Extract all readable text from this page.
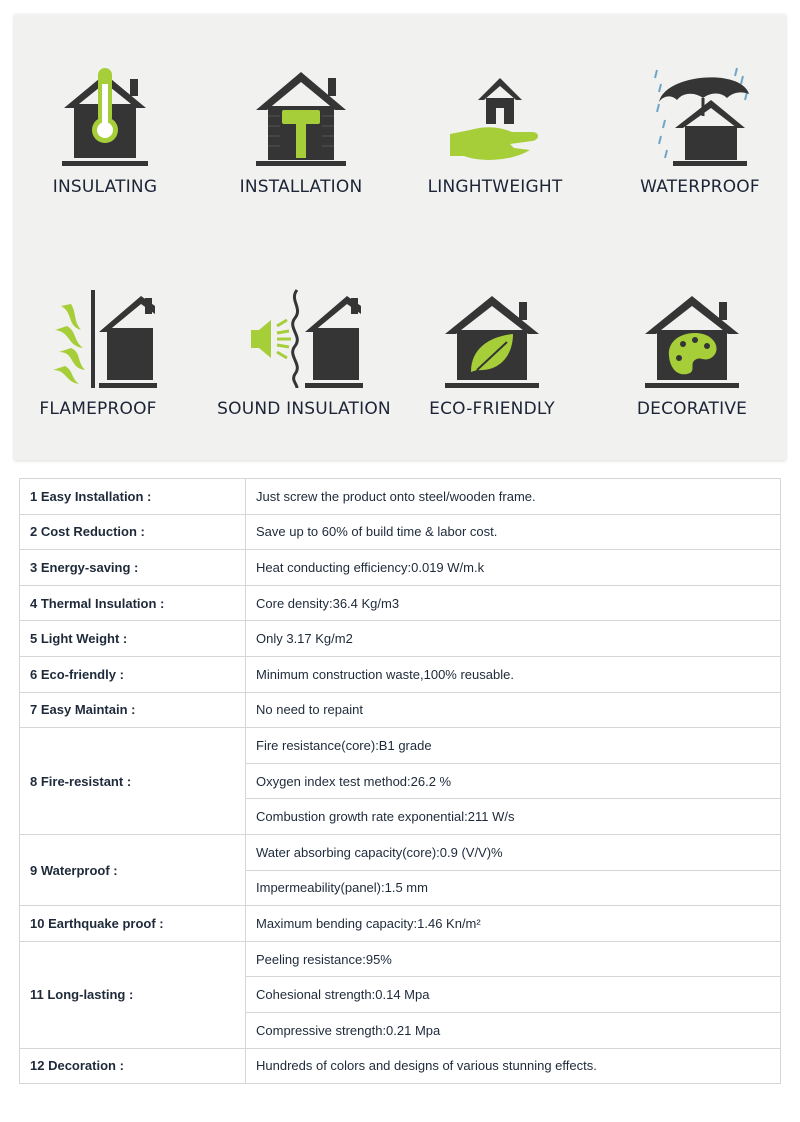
INSULATING	INSTALLATION	LINGHTWEIGHT	WATERPROOF
FLAMEPROOF	SOUND INSULATION	ECO-FRIENDLY	DECORATIVE
1 Easy Installation :	Just screw the product onto steel/wooden frame.
2 Cost Reduction :	Save up to 60% of build time & labor cost.
3 Energy-saving :	Heat conducting efficiency:0.019 W/m.k
4 Thermal Insulation :	Core density:36.4 Kg/m3
5 Light Weight :	Only 3.17 Kg/m2
6 Eco-friendly :	Minimum construction waste,100% reusable.
7 Easy Maintain :	No need to repaint
8 Fire-resistant :	Fire resistance(core):B1 grade
	Oxygen index test method:26.2 %
	Combustion growth rate exponential:211 W/s
9 Waterproof :	Water absorbing capacity(core):0.9 (V/V)%
	Impermeability(panel):1.5 mm
10 Earthquake proof :	Maximum bending capacity:1.46 Kn/m²
11 Long-lasting :	Peeling resistance:95%
	Cohesional strength:0.14 Mpa
	Compressive strength:0.21 Mpa
12 Decoration :	Hundreds of colors and designs of various stunning effects.
